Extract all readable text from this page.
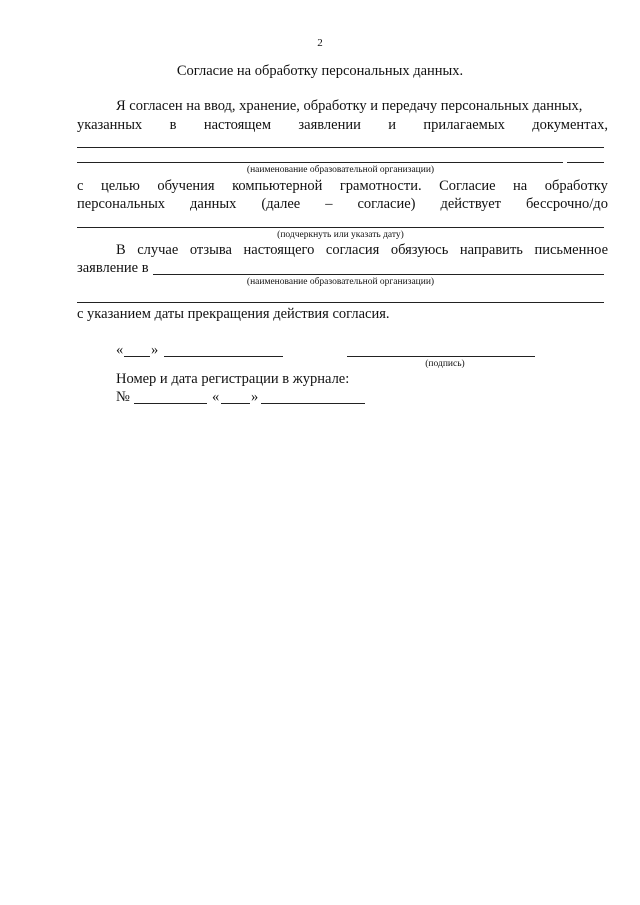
2
Согласие на обработку персональных данных.
Я согласен на ввод, хранение, обработку и передачу персональных данных,
указанных в настоящем заявлении и прилагаемых документах,
(наименование образовательной организации)
с целью обучения компьютерной грамотности. Согласие на обработку
персональных данных (далее – согласие) действует бессрочно/до
(подчеркнуть или указать дату)
В случае отзыва настоящего согласия обязуюсь направить письменное
заявление в
(наименование образовательной организации)
с указанием даты прекращения действия согласия.
« »
(подпись)
Номер и дата регистрации в журнале:
№	« »
